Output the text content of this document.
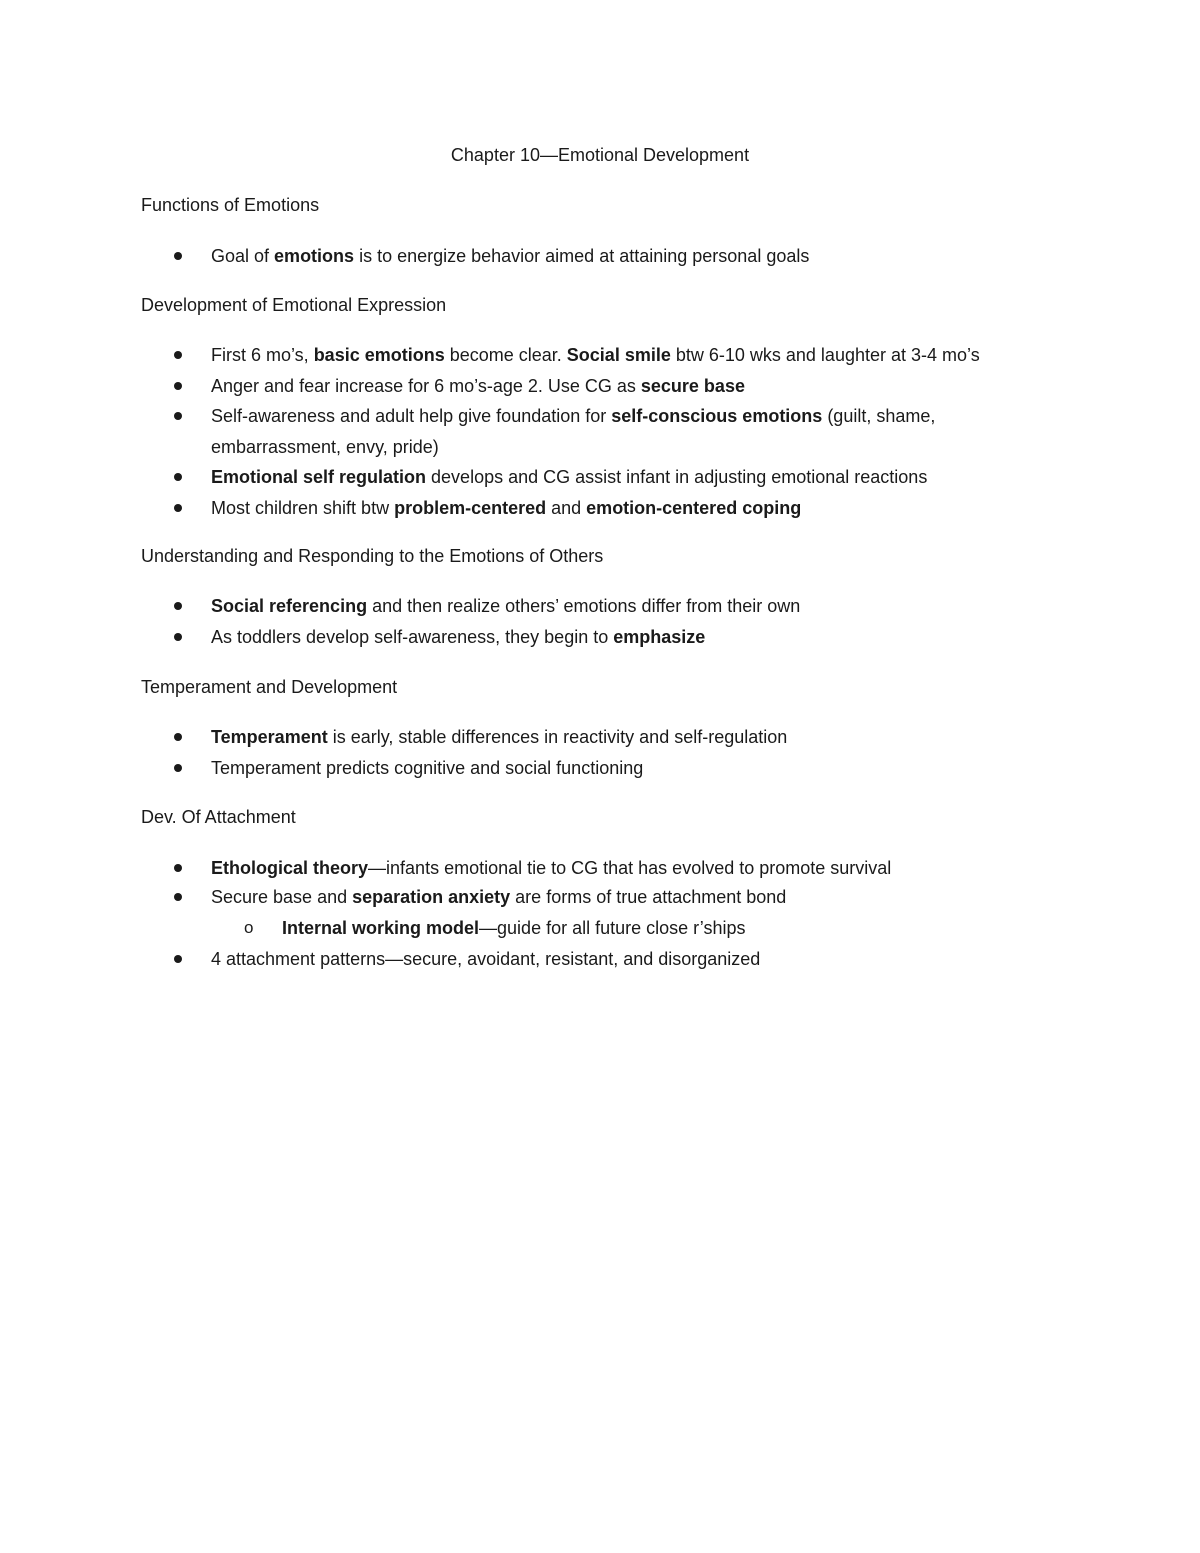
Chapter 10—Emotional Development
Functions of Emotions
Goal of emotions is to energize behavior aimed at attaining personal goals
Development of Emotional Expression
First 6 mo’s, basic emotions become clear. Social smile btw 6-10 wks and laughter at 3-4 mo’s
Anger and fear increase for 6 mo’s-age 2. Use CG as secure base
Self-awareness and adult help give foundation for self-conscious emotions (guilt, shame,
embarrassment, envy, pride)
Emotional self regulation develops and CG assist infant in adjusting emotional reactions
Most children shift btw problem-centered and emotion-centered coping
Understanding and Responding to the Emotions of Others
Social referencing and then realize others’ emotions differ from their own
As toddlers develop self-awareness, they begin to emphasize
Temperament and Development
Temperament is early, stable differences in reactivity and self-regulation
Temperament predicts cognitive and social functioning
Dev. Of Attachment
Ethological theory—infants emotional tie to CG that has evolved to promote survival
Secure base and separation anxiety are forms of true attachment bond
o Internal working model—guide for all future close r’ships
4 attachment patterns—secure, avoidant, resistant, and disorganized
